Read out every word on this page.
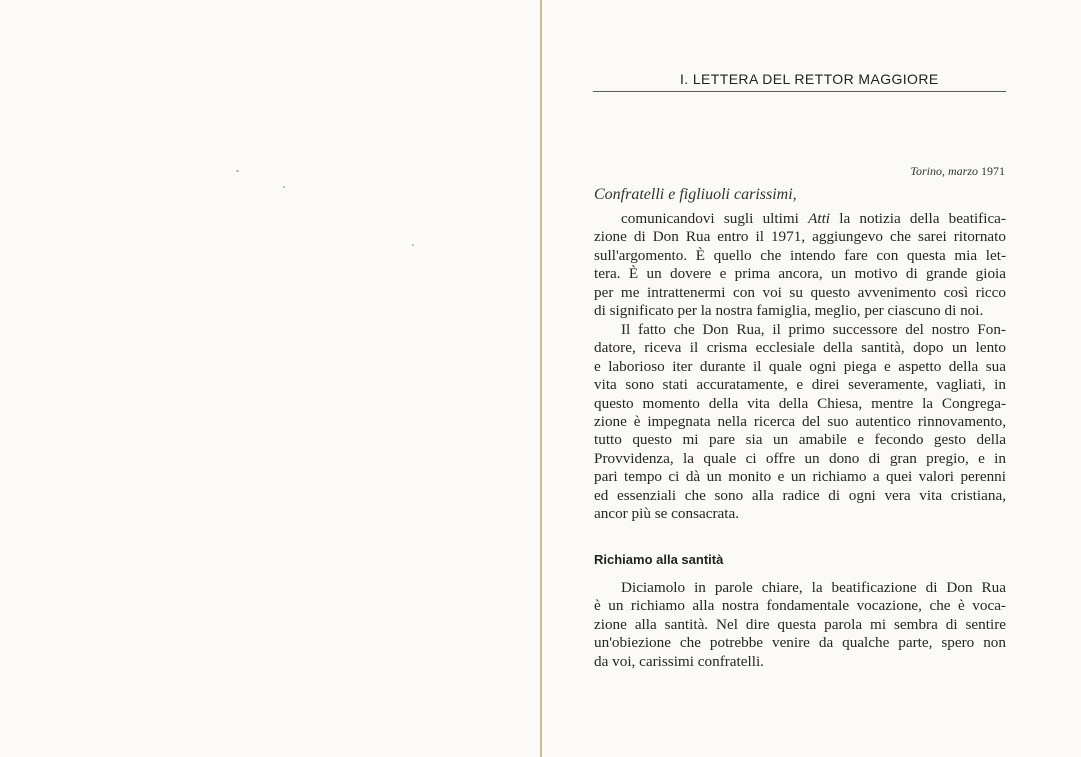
I. LETTERA DEL RETTOR MAGGIORE
Torino, marzo 1971
Confratelli e figliuoli carissimi,
comunicandovi sugli ultimi Atti la notizia della beatifica-
zione di Don Rua entro il 1971, aggiungevo che sarei ritornato
sull'argomento. È quello che intendo fare con questa mia let-
tera. È un dovere e prima ancora, un motivo di grande gioia
per me intrattenermi con voi su questo avvenimento così ricco
di significato per la nostra famiglia, meglio, per ciascuno di noi.
Il fatto che Don Rua, il primo successore del nostro Fon-
datore, riceva il crisma ecclesiale della santità, dopo un lento
e laborioso iter durante il quale ogni piega e aspetto della sua
vita sono stati accuratamente, e direi severamente, vagliati, in
questo momento della vita della Chiesa, mentre la Congrega-
zione è impegnata nella ricerca del suo autentico rinnovamento,
tutto questo mi pare sia un amabile e fecondo gesto della
Provvidenza, la quale ci offre un dono di gran pregio, e in
pari tempo ci dà un monito e un richiamo a quei valori perenni
ed essenziali che sono alla radice di ogni vera vita cristiana,
ancor più se consacrata.
Richiamo alla santità
Diciamolo in parole chiare, la beatificazione di Don Rua
è un richiamo alla nostra fondamentale vocazione, che è voca-
zione alla santità. Nel dire questa parola mi sembra di sentire
un'obiezione che potrebbe venire da qualche parte, spero non
da voi, carissimi confratelli.
